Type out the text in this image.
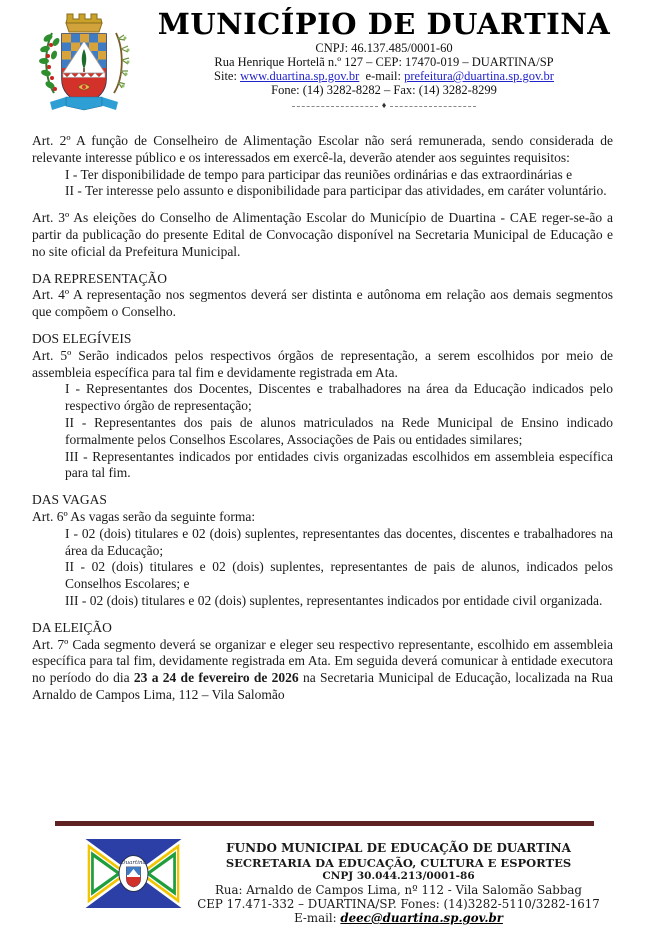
MUNICÍPIO DE DUARTINA
CNPJ: 46.137.485/0001-60
Rua Henrique Hortelã n.º 127 – CEP: 17470-019 – DUARTINA/SP
Site: www.duartina.sp.gov.br e-mail: prefeitura@duartina.sp.gov.br
Fone: (14) 3282-8282 – Fax: (14) 3282-8299
♦
Art. 2º A função de Conselheiro de Alimentação Escolar não será remunerada, sendo considerada de relevante interesse público e os interessados em exercê-la, deverão atender aos seguintes requisitos:
I - Ter disponibilidade de tempo para participar das reuniões ordinárias e das extraordinárias e
II - Ter interesse pelo assunto e disponibilidade para participar das atividades, em caráter voluntário.
Art. 3º As eleições do Conselho de Alimentação Escolar do Município de Duartina - CAE reger-se-ão a partir da publicação do presente Edital de Convocação disponível na Secretaria Municipal de Educação e no site oficial da Prefeitura Municipal.
DA REPRESENTAÇÃO
Art. 4º A representação nos segmentos deverá ser distinta e autônoma em relação aos demais segmentos que compõem o Conselho.
DOS ELEGÍVEIS
Art. 5º Serão indicados pelos respectivos órgãos de representação, a serem escolhidos por meio de assembleia específica para tal fim e devidamente registrada em Ata.
I - Representantes dos Docentes, Discentes e trabalhadores na área da Educação indicados pelo respectivo órgão de representação;
II - Representantes dos pais de alunos matriculados na Rede Municipal de Ensino indicado formalmente pelos Conselhos Escolares, Associações de Pais ou entidades similares;
III - Representantes indicados por entidades civis organizadas escolhidos em assembleia específica para tal fim.
DAS VAGAS
Art. 6º As vagas serão da seguinte forma:
I - 02 (dois) titulares e 02 (dois) suplentes, representantes das docentes, discentes e trabalhadores na área da Educação;
II - 02 (dois) titulares e 02 (dois) suplentes, representantes de pais de alunos, indicados pelos Conselhos Escolares; e
III - 02 (dois) titulares e 02 (dois) suplentes, representantes indicados por entidade civil organizada.
DA ELEIÇÃO
Art. 7º Cada segmento deverá se organizar e eleger seu respectivo representante, escolhido em assembleia específica para tal fim, devidamente registrada em Ata. Em seguida deverá comunicar à entidade executora no período do dia 23 a 24 de fevereiro de 2026 na Secretaria Municipal de Educação, localizada na Rua Arnaldo de Campos Lima, 112 – Vila Salomão
Duartina
FUNDO MUNICIPAL DE EDUCAÇÃO DE DUARTINA
SECRETARIA DA EDUCAÇÃO, CULTURA E ESPORTES
CNPJ 30.044.213/0001-86
Rua: Arnaldo de Campos Lima, nº 112 - Vila Salomão Sabbag
CEP 17.471-332 – DUARTINA/SP. Fones: (14)3282-5110/3282-1617
E-mail: deec@duartina.sp.gov.br
